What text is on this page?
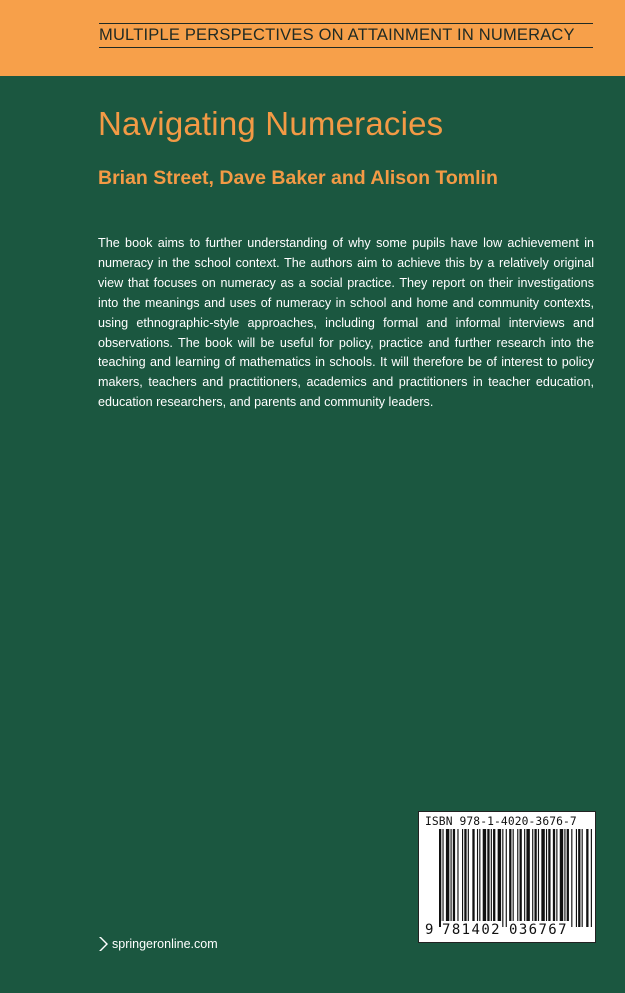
MULTIPLE PERSPECTIVES ON ATTAINMENT IN NUMERACY
Navigating Numeracies
Brian Street, Dave Baker and Alison Tomlin

The book aims to further understanding of why some pupils have low achievement in numeracy in the school context. The authors aim to achieve this by a relatively original view that focuses on numeracy as a social practice. They report on their investigations into the meanings and uses of numeracy in school and home and community contexts, using ethnographic-style approaches, including formal and informal interviews and observations. The book will be useful for policy, practice and further research into the teaching and learning of mathematics in schools. It will therefore be of interest to policy makers, teachers and practitioners, academics and practitioners in teacher education, education researchers, and parents and community leaders.

springeronline.com
ISBN 978-1-4020-3676-7
9 781402 036767
